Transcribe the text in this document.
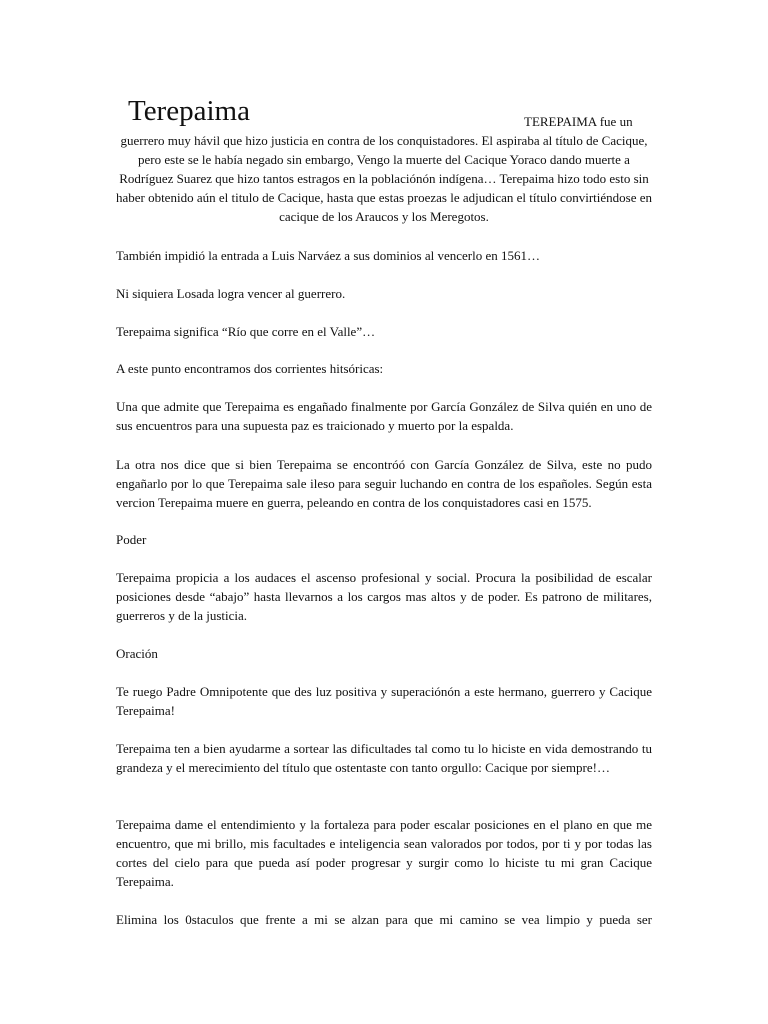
Terepaima	TEREPAIMA fue un

guerrero muy hávil que hizo justicia en contra de los conquistadores. El aspiraba al título de Cacique, pero este se le había negado sin embargo, Vengo la muerte del Cacique Yoraco dando muerte a Rodríguez Suarez que hizo tantos estragos en la poblaciónón indígena… Terepaima hizo todo esto sin haber obtenido aún el titulo de Cacique, hasta que estas proezas le adjudican el título convirtiéndose en cacique de los Araucos y los Meregotos.

También impidió la entrada a Luis Narváez a sus dominios al vencerlo en 1561…

Ni siquiera Losada logra vencer al guerrero.

Terepaima significa “Río que corre en el Valle”…

A este punto encontramos dos corrientes hitsóricas:

Una que admite que Terepaima es engañado finalmente por García González de Silva quién en uno de sus encuentros para una supuesta paz es traicionado y muerto por la espalda.

La otra nos dice que si bien Terepaima se encontróó con García González de Silva, este no pudo engañarlo por lo que Terepaima sale ileso para seguir luchando en contra de los españoles. Según esta vercion Terepaima muere en guerra, peleando en contra de los conquistadores casi en 1575.

Poder

Terepaima propicia a los audaces el ascenso profesional y social. Procura la posibilidad de escalar posiciones desde “abajo” hasta llevarnos a los cargos mas altos y de poder. Es patrono de militares, guerreros y de la justicia.

Oración

Te ruego Padre Omnipotente que des luz positiva y superaciónón a este hermano, guerrero y Cacique Terepaima!

Terepaima ten a bien ayudarme a sortear las dificultades tal como tu lo hiciste en vida demostrando tu grandeza y el merecimiento del título que ostentaste con tanto orgullo: Cacique por siempre!…

Terepaima dame el entendimiento y la fortaleza para poder escalar posiciones en el plano en que me encuentro, que mi brillo, mis facultades e inteligencia sean valorados por todos, por ti y por todas las cortes del cielo para que pueda así poder progresar y surgir como lo hiciste tu mi gran Cacique Terepaima.

Elimina los 0staculos que frente a mi se alzan para que mi camino se vea limpio y pueda ser
